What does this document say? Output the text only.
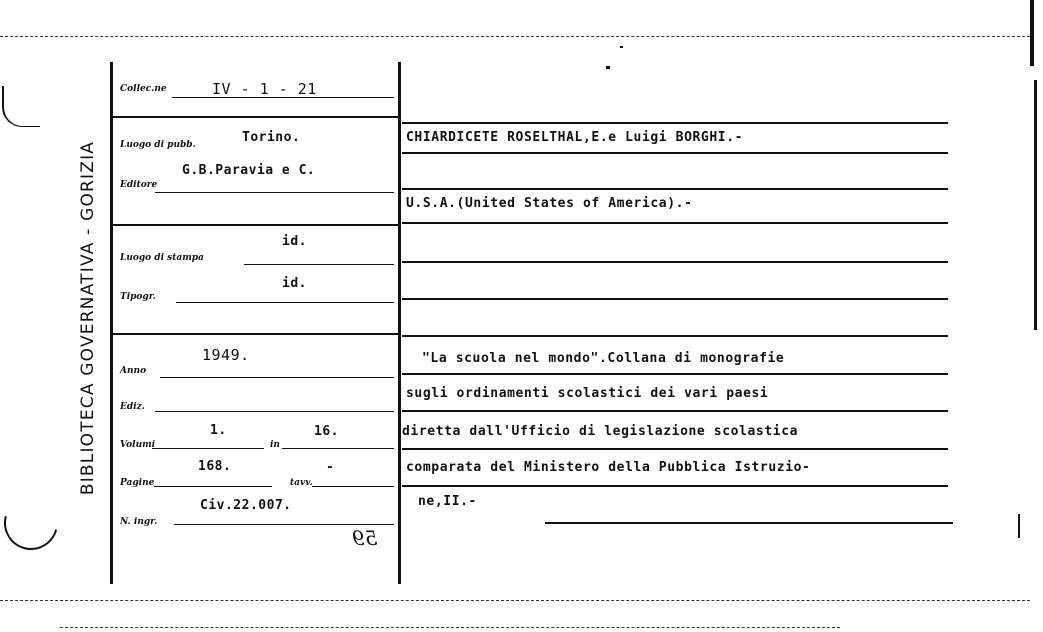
BIBLIOTECA GOVERNATIVA - GORIZIA
Collec.ne	IV - 1 - 21
Luogo di pubb.	Torino.
Editore
G.B.Paravia e C.
Luogo di stampa
id.
Tipogr.
id.
Anno
1949.
Ediz.
Volumi
1.
in
16.
Pagine
168.
tavv.
-
N. ingr.
Civ.22.007.
59
CHIARDICETE ROSELTHAL,E.e Luigi BORGHI.-
U.S.A.(United States of America).-
"La scuola nel mondo".Collana di monografie
sugli ordinamenti scolastici dei vari paesi
diretta dall'Ufficio di legislazione scolastica
comparata del Ministero della Pubblica Istruzio-
ne,II.-
